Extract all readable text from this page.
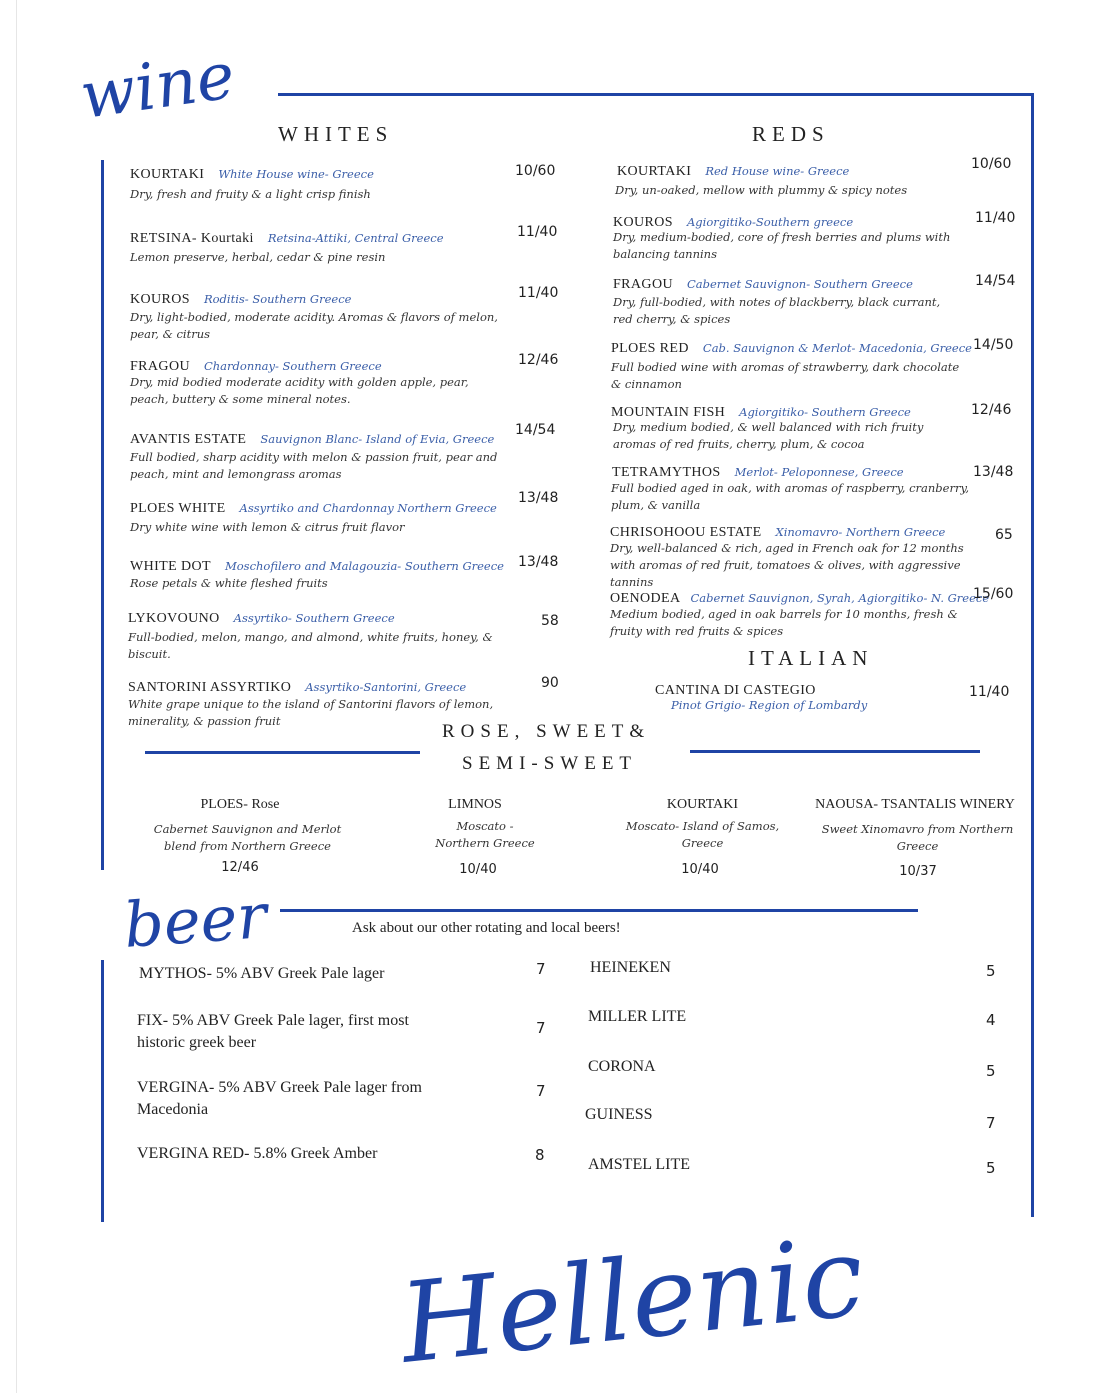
wine
beer
Hellenic
WHITES	REDS
ITALIAN
ROSE, SWEET&
SEMI-SWEET
KOURTAKI White House wine- Greece
Dry, fresh and fruity & a light crisp finish
10/60
RETSINA- Kourtaki Retsina-Attiki, Central Greece
Lemon preserve, herbal, cedar & pine resin
11/40
KOUROS Roditis- Southern Greece
Dry, light-bodied, moderate acidity. Aromas & flavors of melon, pear, & citrus
11/40
FRAGOU Chardonnay- Southern Greece
Dry, mid bodied moderate acidity with golden apple, pear, peach, buttery & some mineral notes.
12/46
AVANTIS ESTATE Sauvignon Blanc- Island of Evia, Greece
Full bodied, sharp acidity with melon & passion fruit, pear and peach, mint and lemongrass aromas
14/54
PLOES WHITE Assyrtiko and Chardonnay Northern Greece
Dry white wine with lemon & citrus fruit flavor
13/48
WHITE DOT Moschofilero and Malagouzia- Southern Greece
Rose petals & white fleshed fruits
13/48
LYKOVOUNO Assyrtiko- Southern Greece
Full-bodied, melon, mango, and almond, white fruits, honey, & biscuit.
58
SANTORINI ASSYRTIKO Assyrtiko-Santorini, Greece
White grape unique to the island of Santorini flavors of lemon, minerality, & passion fruit
90
KOURTAKI Red House wine- Greece
Dry, un-oaked, mellow with plummy & spicy notes
10/60
KOUROS Agiorgitiko-Southern greece
Dry, medium-bodied, core of fresh berries and plums with balancing tannins
11/40
FRAGOU Cabernet Sauvignon- Southern Greece
Dry, full-bodied, with notes of blackberry, black currant, red cherry, & spices
14/54
PLOES RED Cab. Sauvignon & Merlot- Macedonia, Greece
Full bodied wine with aromas of strawberry, dark chocolate & cinnamon
14/50
MOUNTAIN FISH Agiorgitiko- Southern Greece
Dry, medium bodied, & well balanced with rich fruity aromas of red fruits, cherry, plum, & cocoa
12/46
TETRAMYTHOS Merlot- Peloponnese, Greece
Full bodied aged in oak, with aromas of raspberry, cranberry, plum, & vanilla
13/48
CHRISOHOOU ESTATE Xinomavro- Northern Greece
Dry, well-balanced & rich, aged in French oak for 12 months with aromas of red fruit, tomatoes & olives, with aggressive tannins
65
OENODEA Cabernet Sauvignon, Syrah, Agiorgitiko- N. Greece
Medium bodied, aged in oak barrels for 10 months, fresh & fruity with red fruits & spices
15/60
CANTINA DI CASTEGIO
Pinot Grigio- Region of Lombardy
11/40
PLOES- Rose
Cabernet Sauvignon and Merlot blend from Northern Greece
12/46
LIMNOS
Moscato - Northern Greece
10/40
KOURTAKI
Moscato- Island of Samos, Greece
10/40
NAOUSA- TSANTALIS WINERY
Sweet Xinomavro from Northern Greece
10/37
Ask about our other rotating and local beers!
MYTHOS- 5% ABV Greek Pale lager	7
FIX- 5% ABV Greek Pale lager, first most historic greek beer
7
VERGINA- 5% ABV Greek Pale lager from Macedonia
7
VERGINA RED- 5.8% Greek Amber	8
HEINEKEN	5
MILLER LITE	4
CORONA	5
GUINESS	7
AMSTEL LITE	5
